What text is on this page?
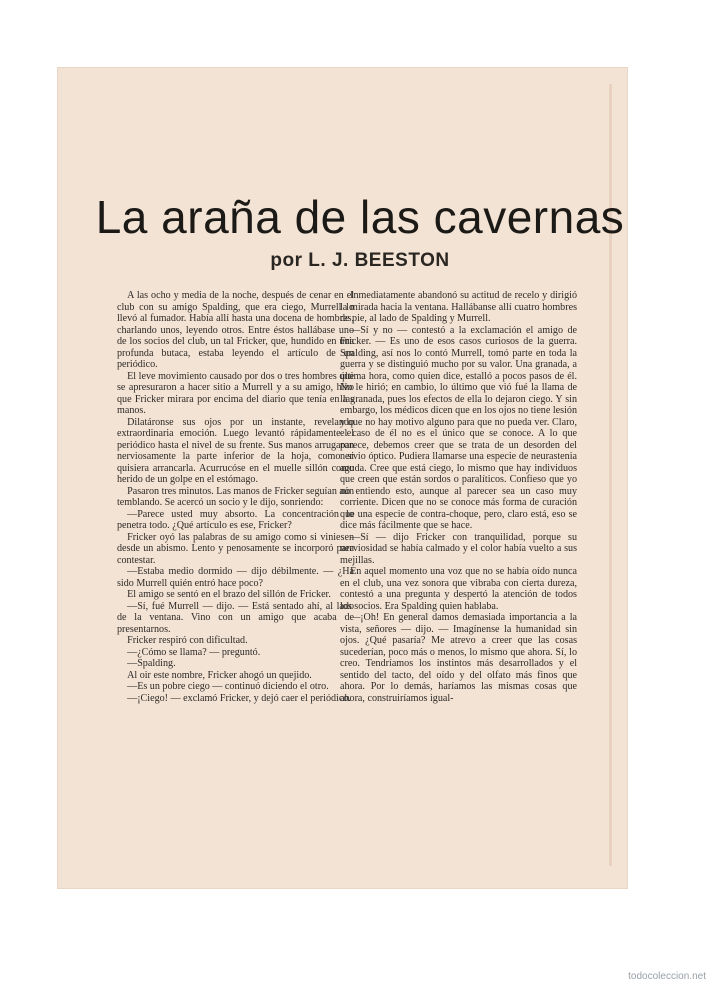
La araña de las cavernas
por L. J. BEESTON

A las ocho y media de la noche, después de cenar en el club con su amigo Spalding, que era ciego, Murrell lo llevó al fumador. Había allí hasta una docena de hombres, charlando unos, leyendo otros. Entre éstos hallábase uno de los socios del club, un tal Fricker, que, hundido en una profunda butaca, estaba leyendo el artículo de un periódico.

El leve movimiento causado por dos o tres hombres que se apresuraron a hacer sitio a Murrell y a su amigo, hizo que Fricker mirara por encima del diario que tenía en las manos.

Dilatáronse sus ojos por un instante, revelando extraordinaria emoción. Luego levantó rápidamente el periódico hasta el nivel de su frente. Sus manos arrugaron nerviosamente la parte inferior de la hoja, como si quisiera arrancarla. Acurrucóse en el muelle sillón como herido de un golpe en el estómago.

Pasaron tres minutos. Las manos de Fricker seguían aún temblando. Se acercó un socio y le dijo, sonriendo:

—Parece usted muy absorto. La concentración lo penetra todo. ¿Qué artículo es ese, Fricker?

Fricker oyó las palabras de su amigo como si viniesen desde un abismo. Lento y penosamente se incorporó para contestar.

—Estaba medio dormido — dijo débilmente. — ¿Ha sido Murrell quién entró hace poco?

El amigo se sentó en el brazo del sillón de Fricker.

—Sí, fué Murrell — dijo. — Está sentado ahí, al lado de la ventana. Vino con un amigo que acaba de presentarnos.

Fricker respiró con dificultad.

—¿Cómo se llama? — preguntó.

—Spalding.

Al oir este nombre, Fricker ahogó un quejido.

—Es un pobre ciego — continuó diciendo el otro.

—¡Ciego! — exclamó Fricker, y dejó caer el periódico.

Inmediatamente abandonó su actitud de recelo y dirigió la mirada hacia la ventana. Hallábanse allí cuatro hombres de pie, al lado de Spalding y Murrell.

—Sí y no — contestó a la exclamación el amigo de Fricker. — Es uno de esos casos curiosos de la guerra. Spalding, así nos lo contó Murrell, tomó parte en toda la guerra y se distinguió mucho por su valor. Una granada, a última hora, como quien dice, estalló a pocos pasos de él. No le hirió; en cambio, lo último que vió fué la llama de la granada, pues los efectos de ella lo dejaron ciego. Y sin embargo, los médicos dicen que en los ojos no tiene lesión y que no hay motivo alguno para que no pueda ver. Claro, el caso de él no es el único que se conoce. A lo que parece, debemos creer que se trata de un desorden del nervio óptico. Pudiera llamarse una especie de neurastenia aguda. Cree que está ciego, lo mismo que hay individuos que creen que están sordos o paralíticos. Confieso que yo no entiendo esto, aunque al parecer sea un caso muy corriente. Dicen que no se conoce más forma de curación que una especie de contra-choque, pero, claro está, eso se dice más fácilmente que se hace.

—Sí — dijo Fricker con tranquilidad, porque su nerviosidad se había calmado y el color había vuelto a sus mejillas.

En aquel momento una voz que no se había oído nunca en el club, una vez sonora que vibraba con cierta dureza, contestó a una pregunta y despertó la atención de todos los socios. Era Spalding quien hablaba.

—¡Oh! En general damos demasiada importancia a la vista, señores — dijo. — Imagínense la humanidad sin ojos. ¿Qué pasaría? Me atrevo a creer que las cosas sucederían, poco más o menos, lo mismo que ahora. Sí, lo creo. Tendríamos los instintos más desarrollados y el sentido del tacto, del oído y del olfato más finos que ahora. Por lo demás, haríamos las mismas cosas que ahora, construiríamos igual-

todocoleccion.net
